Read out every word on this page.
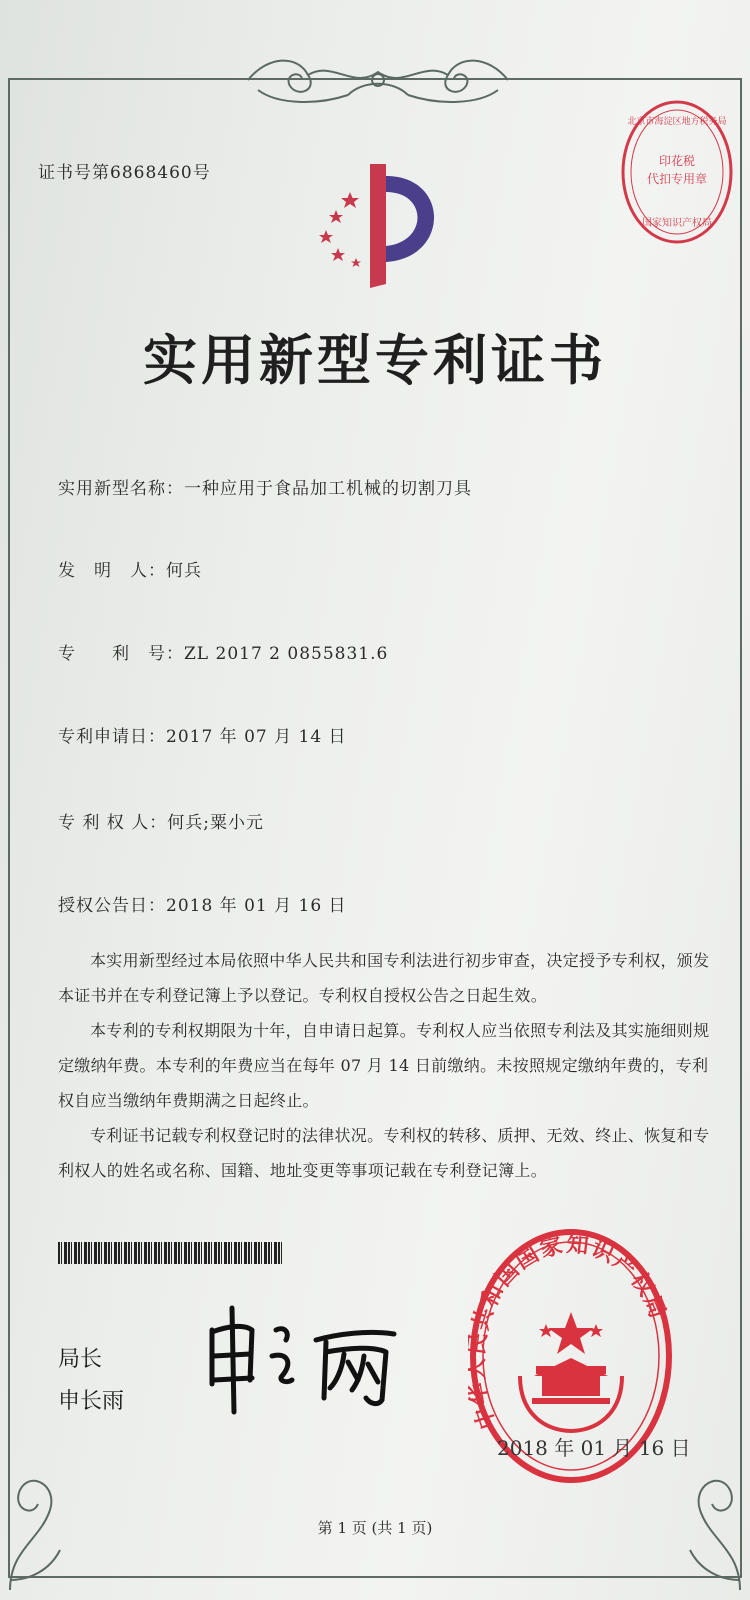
证书号第6868460号
印花税
代扣专用章
国家知识产权局
北京市海淀区地方税务局
实用新型专利证书
实用新型名称：一种应用于食品加工机械的切割刀具
发　明　人：何兵
专　　利　号：ZL 2017 2 0855831.6
专利申请日：2017 年 07 月 14 日
专 利 权 人：何兵;粟小元
授权公告日：2018 年 01 月 16 日

本实用新型经过本局依照中华人民共和国专利法进行初步审查，决定授予专利权，颁发本证书并在专利登记簿上予以登记。专利权自授权公告之日起生效。

本专利的专利权期限为十年，自申请日起算。专利权人应当依照专利法及其实施细则规定缴纳年费。本专利的年费应当在每年 07 月 14 日前缴纳。未按照规定缴纳年费的，专利权自应当缴纳年费期满之日起终止。

专利证书记载专利权登记时的法律状况。专利权的转移、质押、无效、终止、恢复和专利权人的姓名或名称、国籍、地址变更等事项记载在专利登记簿上。

局长
申长雨	中华 共和国国家知识产权局
2018 年 01 月 16 日
第 1 页 (共 1 页)
